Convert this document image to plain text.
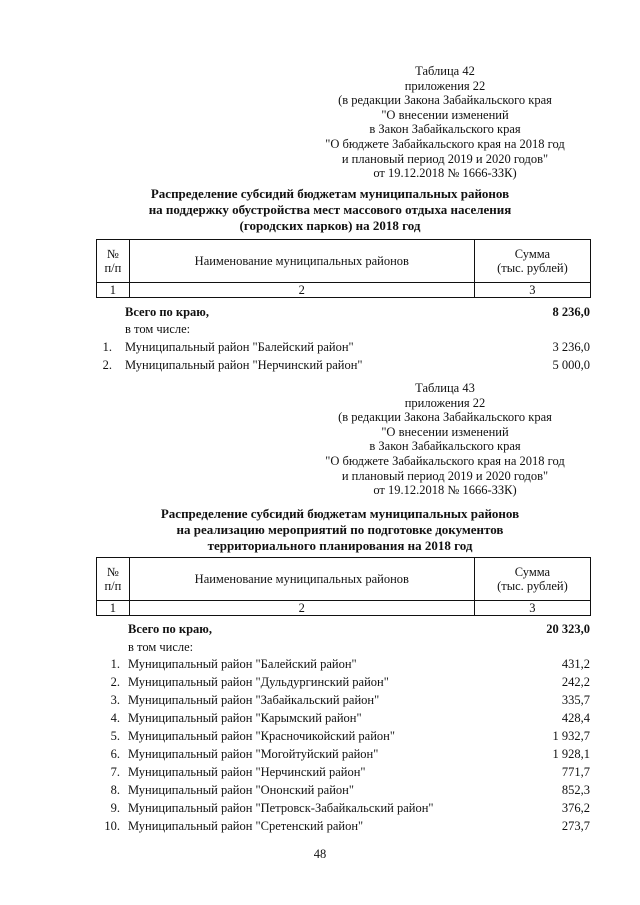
Таблица 42
приложения 22
(в редакции Закона Забайкальского края
"О внесении изменений
в Закон Забайкальского края
"О бюджете Забайкальского края на 2018 год
и плановый период 2019 и 2020 годов"
от 19.12.2018 № 1666-ЗЗК)
Распределение субсидий бюджетам муниципальных районов
на поддержку обустройства мест массового отдыха населения
(городских парков) на 2018 год
№
п/п	Наименование муниципальных районов	Сумма
(тыс. рублей)
1	2	3
Всего по краю,	8 236,0
в том числе:
1. Муниципальный район "Балейский район"	3 236,0
2. Муниципальный район "Нерчинский район"	5 000,0
Таблица 43
приложения 22
(в редакции Закона Забайкальского края
"О внесении изменений
в Закон Забайкальского края
"О бюджете Забайкальского края на 2018 год
и плановый период 2019 и 2020 годов"
от 19.12.2018 № 1666-ЗЗК)
Распределение субсидий бюджетам муниципальных районов
на реализацию мероприятий по подготовке документов
территориального планирования на 2018 год
№
п/п	Наименование муниципальных районов	Сумма
(тыс. рублей)
1	2	3
Всего по краю,	20 323,0
в том числе:
1. Муниципальный район "Балейский район"	431,2
2. Муниципальный район "Дульдургинский район"	242,2
3. Муниципальный район "Забайкальский район"	335,7
4. Муниципальный район "Карымский район"	428,4
5. Муниципальный район "Красночикойский район"	1 932,7
6. Муниципальный район "Могойтуйский район"	1 928,1
7. Муниципальный район "Нерчинский район"	771,7
8. Муниципальный район "Ононский район"	852,3
9. Муниципальный район "Петровск-Забайкальский район"	376,2
10. Муниципальный район "Сретенский район"	273,7
48
